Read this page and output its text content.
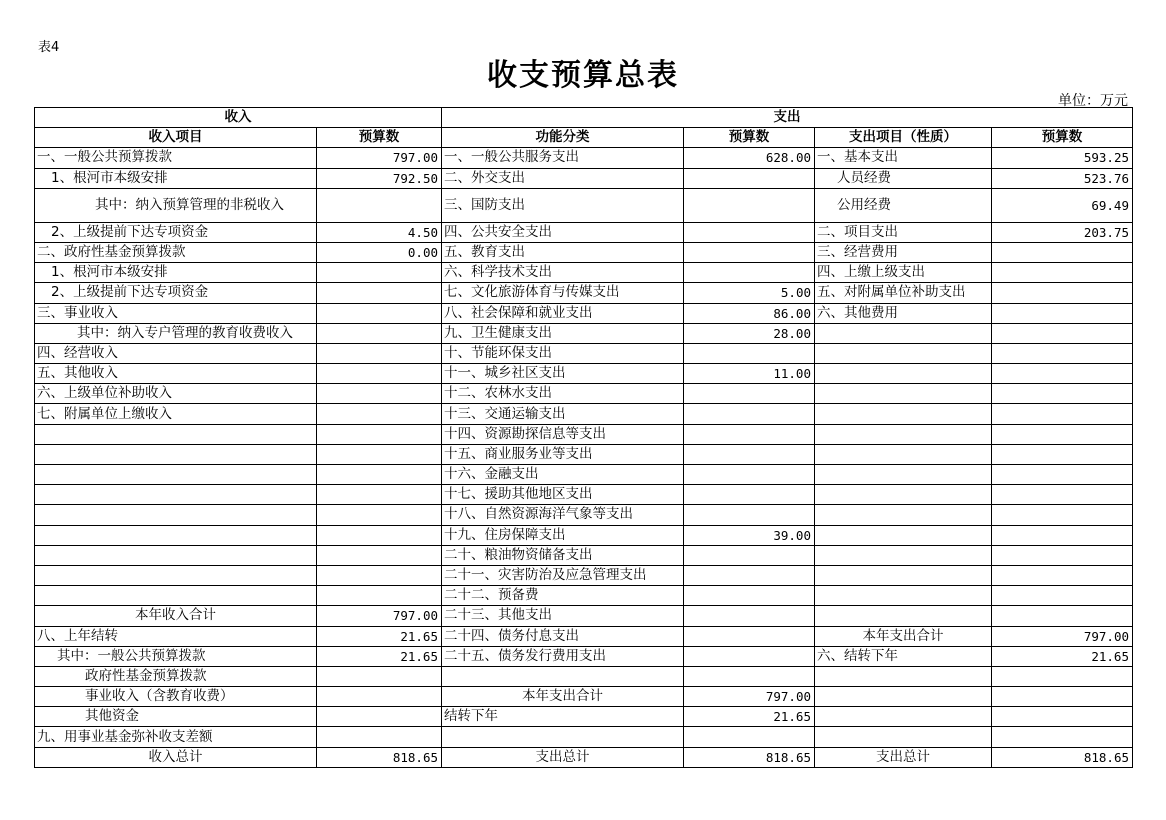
表4
收支预算总表
单位：万元
收入		支出			
收入项目	预算数	功能分类	预算数	支出项目（性质）	预算数
一、一般公共预算拨款	797.00	一、一般公共服务支出	628.00	一、基本支出	593.25
1、根河市本级安排	792.50	二、外交支出		人员经费	523.76
其中：纳入预算管理的非税收入		三、国防支出		公用经费	69.49
2、上级提前下达专项资金	4.50	四、公共安全支出		二、项目支出	203.75
二、政府性基金预算拨款	0.00	五、教育支出		三、经营费用	
1、根河市本级安排		六、科学技术支出		四、上缴上级支出	
2、上级提前下达专项资金		七、文化旅游体育与传媒支出	5.00	五、对附属单位补助支出	
三、事业收入		八、社会保障和就业支出	86.00	六、其他费用	
其中：纳入专户管理的教育收费收入		九、卫生健康支出	28.00		
四、经营收入		十、节能环保支出			
五、其他收入		十一、城乡社区支出	11.00		
六、上级单位补助收入		十二、农林水支出			
七、附属单位上缴收入		十三、交通运输支出			
		十四、资源勘探信息等支出			
		十五、商业服务业等支出			
		十六、金融支出			
		十七、援助其他地区支出			
		十八、自然资源海洋气象等支出			
		十九、住房保障支出	39.00		
		二十、粮油物资储备支出			
		二十一、灾害防治及应急管理支出			
		二十二、预备费			
本年收入合计	797.00	二十三、其他支出			
八、上年结转	21.65	二十四、债务付息支出		本年支出合计	797.00
其中：一般公共预算拨款	21.65	二十五、债务发行费用支出		六、结转下年	21.65
政府性基金预算拨款					
事业收入（含教育收费）		本年支出合计	797.00		
其他资金		结转下年	21.65		
九、用事业基金弥补收支差额					
收入总计	818.65	支出总计	818.65	支出总计	818.65
